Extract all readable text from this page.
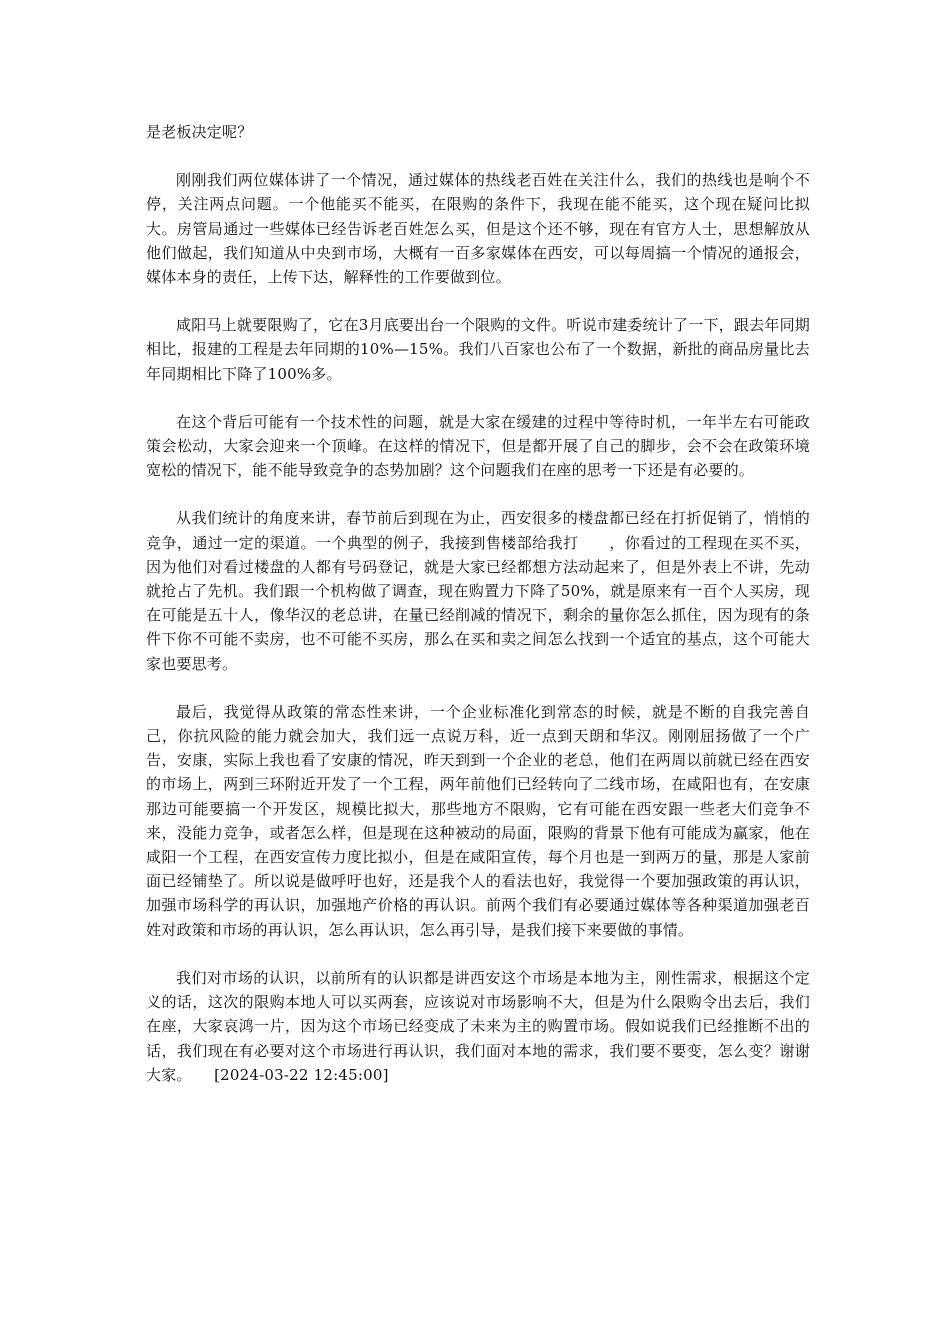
是老板决定呢？

刚刚我们两位媒体讲了一个情况，通过媒体的热线老百姓在关注什么，我们的热线也是响个不停，关注两点问题。一个他能买不能买，在限购的条件下，我现在能不能买，这个现在疑问比拟大。房管局通过一些媒体已经告诉老百姓怎么买，但是这个还不够，现在有官方人士，思想解放从他们做起，我们知道从中央到市场，大概有一百多家媒体在西安，可以每周搞一个情况的通报会，媒体本身的责任，上传下达，解释性的工作要做到位。

咸阳马上就要限购了，它在3月底要出台一个限购的文件。听说市建委统计了一下，跟去年同期相比，报建的工程是去年同期的10%—15%。我们八百家也公布了一个数据，新批的商品房量比去年同期相比下降了100%多。

在这个背后可能有一个技术性的问题，就是大家在缓建的过程中等待时机，一年半左右可能政策会松动，大家会迎来一个顶峰。在这样的情况下，但是都开展了自己的脚步，会不会在政策环境宽松的情况下，能不能导致竞争的态势加剧？这个问题我们在座的思考一下还是有必要的。

从我们统计的角度来讲，春节前后到现在为止，西安很多的楼盘都已经在打折促销了，悄悄的竞争，通过一定的渠道。一个典型的例子，我接到售楼部给我打　　，你看过的工程现在买不买，因为他们对看过楼盘的人都有号码登记，就是大家已经都想方法动起来了，但是外表上不讲，先动就抢占了先机。我们跟一个机构做了调查，现在购置力下降了50%，就是原来有一百个人买房，现在可能是五十人，像华汉的老总讲，在量已经削减的情况下，剩余的量你怎么抓住，因为现有的条件下你不可能不卖房，也不可能不买房，那么在买和卖之间怎么找到一个适宜的基点，这个可能大家也要思考。

最后，我觉得从政策的常态性来讲，一个企业标准化到常态的时候，就是不断的自我完善自己，你抗风险的能力就会加大，我们远一点说万科，近一点到天朗和华汉。刚刚屈扬做了一个广告，安康，实际上我也看了安康的情况，昨天到到一个企业的老总，他们在两周以前就已经在西安的市场上，两到三环附近开发了一个工程，两年前他们已经转向了二线市场，在咸阳也有，在安康那边可能要搞一个开发区，规模比拟大，那些地方不限购，它有可能在西安跟一些老大们竞争不来，没能力竞争，或者怎么样，但是现在这种被动的局面，限购的背景下他有可能成为赢家，他在咸阳一个工程，在西安宣传力度比拟小，但是在咸阳宣传，每个月也是一到两万的量，那是人家前面已经铺垫了。所以说是做呼吁也好，还是我个人的看法也好，我觉得一个要加强政策的再认识，加强市场科学的再认识，加强地产价格的再认识。前两个我们有必要通过媒体等各种渠道加强老百姓对政策和市场的再认识，怎么再认识，怎么再引导，是我们接下来要做的事情。

我们对市场的认识，以前所有的认识都是讲西安这个市场是本地为主，刚性需求，根据这个定义的话，这次的限购本地人可以买两套，应该说对市场影响不大，但是为什么限购令出去后，我们在座，大家哀鸿一片，因为这个市场已经变成了未来为主的购置市场。假如说我们已经推断不出的话，我们现在有必要对这个市场进行再认识，我们面对本地的需求，我们要不要变，怎么变？谢谢大家。 [2024-03-22 12:45:00]
